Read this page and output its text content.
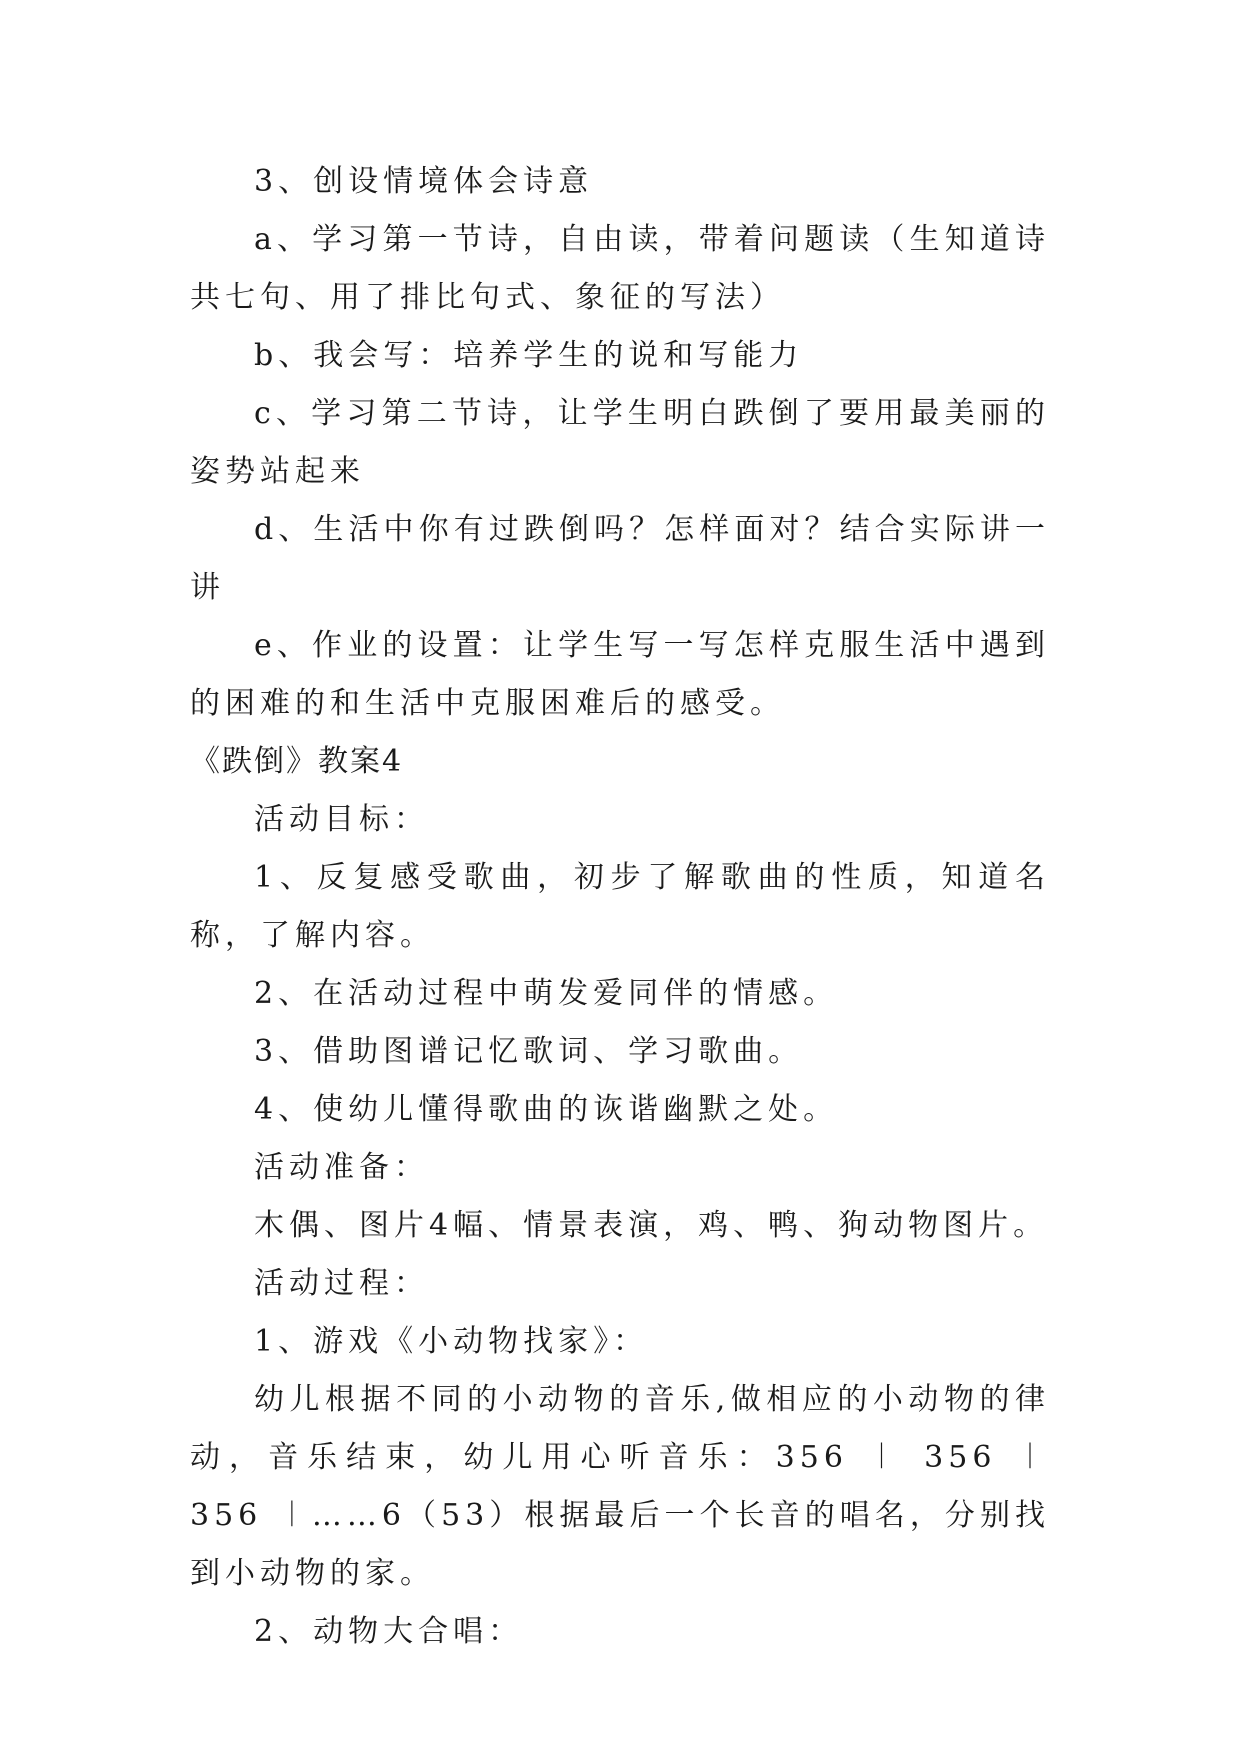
3、创设情境体会诗意

a、学习第一节诗，自由读，带着问题读（生知道诗共七句、用了排比句式、象征的写法）

b、我会写：培养学生的说和写能力

c、学习第二节诗，让学生明白跌倒了要用最美丽的姿势站起来

d、生活中你有过跌倒吗？怎样面对？结合实际讲一讲

e、作业的设置：让学生写一写怎样克服生活中遇到的困难的和生活中克服困难后的感受。

《跌倒》教案4

活动目标：

1、反复感受歌曲，初步了解歌曲的性质，知道名称，了解内容。

2、在活动过程中萌发爱同伴的情感。

3、借助图谱记忆歌词、学习歌曲。

4、使幼儿懂得歌曲的诙谐幽默之处。

活动准备：

木偶、图片4幅、情景表演，鸡、鸭、狗动物图片。

活动过程：

1、游戏《小动物找家》：

幼儿根据不同的小动物的音乐,做相应的小动物的律动，音乐结束，幼儿用心听音乐：356 ︱ 356 ︱ 356 ︱……6（53）根据最后一个长音的唱名，分别找到小动物的家。

2、动物大合唱：
